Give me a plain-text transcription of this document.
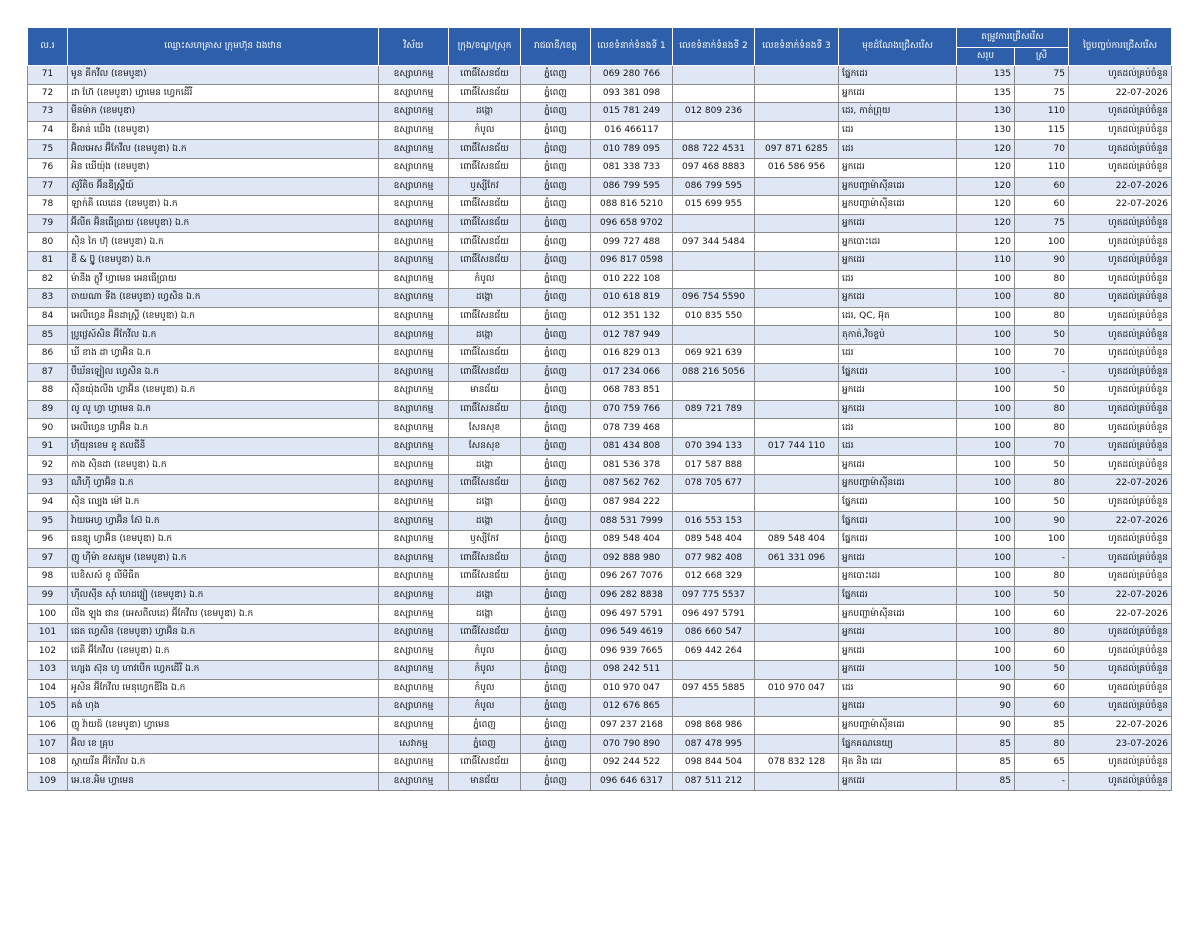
ល.រ	ឈ្មោះសហគ្រាស ក្រុមហ៊ុន ឯងឋាន	វិស័យ	ក្រុង/ខណ្ឌ/ស្រុក	រាជធានី/ខេត្ត	លេខទំនាក់ទំនងទី 1	លេខទំនាក់ទំនងទី 2	លេខទំនាក់ទំនងទី 3	មុខដំណែងជ្រើសរើស	តម្រូវការជ្រើសរើស		ថ្ងៃបញ្ចប់ការជ្រើសរើស
									សរុប	ស្រី	
71	មូន គីកវីល (ខេមបូឌា)	ឧស្សាហកម្ម	ពោធិ៍សែនជ័យ	ភ្នំពេញ	069 280 766			ផ្នែកដេរ	135	75	ហូតដល់គ្រប់ចំនួន
72	ដា ហ៊ែ (ខេមបូឌា) ហ្វាមេន ហ្វេកដើរី	ឧស្សាហកម្ម	ពោធិ៍សែនជ័យ	ភ្នំពេញ	093 381 098			អ្នកដេរ	135	75	22-07-2026
73	មីនម៉ាក (ខេមបូឌា)	ឧស្សាហកម្ម	ដង្កោ	ភ្នំពេញ	015 781 249	012 809 236		ដេរ, កាត់ព្រុយ	130	110	ហូតដល់គ្រប់ចំនួន
74	ឌីអាន់ ឃើង (ខេមបូឌា)	ឧស្សាហកម្ម	កំបូល	ភ្នំពេញ	016 466117			ដេរ	130	115	ហូតដល់គ្រប់ចំនួន
75	អ៊ិលអេស អ៊ីកែវីល (ខេមបូឌា) ឯ.ក	ឧស្សាហកម្ម	ពោធិ៍សែនជ័យ	ភ្នំពេញ	010 789 095	088 722 4531	097 871 6285	ដេរ	120	70	ហូតដល់គ្រប់ចំនួន
76	អិន ឃើយ៉ុង (ខេមបូឌា)	ឧស្សាហកម្ម	ពោធិ៍សែនជ័យ	ភ្នំពេញ	081 338 733	097 468 8883	016 586 956	អ្នកដេរ	120	110	ហូតដល់គ្រប់ចំនួន
77	ស៊ូរីតិច អ៊ីនឌីស្ត្រីយ៍	ឧស្សាហកម្ម	ឫស្សីកែវ	ភ្នំពេញ	086 799 595	086 799 595		អ្នកបញ្ជាម៉ាស៊ីនដេរ	120	60	22-07-2026
78	ឡាក់គី លេដេន (ខេមបូឌា) ឯ.ក	ឧស្សាហកម្ម	ពោធិ៍សែនជ័យ	ភ្នំពេញ	088 816 5210	015 699 955		អ្នកបញ្ជាម៉ាស៊ីនដេរ	120	60	22-07-2026
79	អ៊ីលីត អ៊ិនធើប្រាយ (ខេមបូឌា) ឯ.ក	ឧស្សាហកម្ម	ពោធិ៍សែនជ័យ	ភ្នំពេញ	096 658 9702			អ្នកដេរ	120	75	ហូតដល់គ្រប់ចំនួន
80	ស៊ិន កៃ ហ៊ុ (ខេមបូឌា) ឯ.ក	ឧស្សាហកម្ម	ពោធិ៍សែនជ័យ	ភ្នំពេញ	099 727 488	097 344 5484		អ្នកបោះដេរ	120	100	ហូតដល់គ្រប់ចំនួន
81	ឌី & ប្ល៊ូ (ខេមបូឌា) ឯ.ក	ឧស្សាហកម្ម	ពោធិ៍សែនជ័យ	ភ្នំពេញ	096 817 0598			អ្នកដេរ	110	90	ហូតដល់គ្រប់ចំនួន
82	ម៉ានីង ភ្លូវី ហ្វាមេន អេនធើប្រាយ	ឧស្សាហកម្ម	កំបូល	ភ្នំពេញ	010 222 108			ដេរ	100	80	ហូតដល់គ្រប់ចំនួន
83	ចាយណា ទីង (ខេមបូឌា) ហ្វេសិន ឯ.ក	ឧស្សាហកម្ម	ដង្កោ	ភ្នំពេញ	010 618 819	096 754 5590		អ្នកដេរ	100	80	ហូតដល់គ្រប់ចំនួន
84	អេលីហ្វេន អ៊ិនដាស្ត្រី (ខេមបូឌា) ឯ.ក	ឧស្សាហកម្ម	ពោធិ៍សែនជ័យ	ភ្នំពេញ	012 351 132	010 835 550		ដេរ, QC, អ៊ុត	100	80	ហូតដល់គ្រប់ចំនួន
85	ប្រូវ្រេស៍សិន អ៊ីកែវីល ឯ.ក	ឧស្សាហកម្ម	ដង្កោ	ភ្នំពេញ	012 787 949			តុកាត់,វិចខ្ចប់	100	50	ហូតដល់គ្រប់ចំនួន
86	ឃី ខាង ដា ហ្វាអ៊ិន ឯ.ក	ឧស្សាហកម្ម	ពោធិ៍សែនជ័យ	ភ្នំពេញ	016 829 013	069 921 639		ដេរ	100	70	ហូតដល់គ្រប់ចំនួន
87	បឺឃ័នឡៀល ហ្វេសិន ឯ.ក	ឧស្សាហកម្ម	ពោធិ៍សែនជ័យ	ភ្នំពេញ	017 234 066	088 216 5056		ផ្នែកដេរ	100	-	ហូតដល់គ្រប់ចំនួន
88	ស៊ីនយ៉ុងលីង ហ្វាអ៊ិន (ខេមបូឌា) ឯ.ក	ឧស្សាហកម្ម	មានជ័យ	ភ្នំពេញ	068 783 851			អ្នកដេរ	100	50	ហូតដល់គ្រប់ចំនួន
89	លូ លូ ហ្វា ហ្វាមេន ឯ.ក	ឧស្សាហកម្ម	ពោធិ៍សែនជ័យ	ភ្នំពេញ	070 759 766	089 721 789		អ្នកដេរ	100	80	ហូតដល់គ្រប់ចំនួន
90	អេលីហ្វេន ហ្វាអ៊ិន ឯ.ក	ឧស្សាហកម្ម	សែនសុខ	ភ្នំពេញ	078 739 468			ដេរ	100	80	ហូតដល់គ្រប់ចំនួន
91	ហ៊ីយុនខេម ខូ ឥលជីនី	ឧស្សាហកម្ម	សែនសុខ	ភ្នំពេញ	081 434 808	070 394 133	017 744 110	ដេរ	100	70	ហូតដល់គ្រប់ចំនួន
92	កាង ស៊ិនដា (ខេមបូឌា) ឯ.ក	ឧស្សាហកម្ម	ដង្កោ	ភ្នំពេញ	081 536 378	017 587 888		អ្នកដេរ	100	50	ហូតដល់គ្រប់ចំនួន
93	ណឺហ៊ី ហ្វាអ៊ិន ឯ.ក	ឧស្សាហកម្ម	ពោធិ៍សែនជ័យ	ភ្នំពេញ	087 562 762	078 705 677		អ្នកបញ្ជាម៉ាស៊ីនដេរ	100	80	22-07-2026
94	ស៊ិន ល្បេង ម៉ៅ ឯ.ក	ឧស្សាហកម្ម	ដង្កោ	ភ្នំពេញ	087 984 222			ផ្នែកដេរ	100	50	ហូតដល់គ្រប់ចំនួន
95	វ៉ាយអេហ្វ ហ្វាអ៊ិន ស៊ែ ឯ.ក	ឧស្សាហកម្ម	ដង្កោ	ភ្នំពេញ	088 531 7999	016 553 153		ផ្នែកដេរ	100	90	22-07-2026
96	ធនឌ្យូ ហ្វាអ៊ិន (ខេមបូឌា) ឯ.ក	ឧស្សាហកម្ម	ឫស្សីកែវ	ភ្នំពេញ	089 548 404	089 548 404	089 548 404	ផ្នែកដេរ	100	100	ហូតដល់គ្រប់ចំនួន
97	ញូ ហ៊ីម៉ា ខសត្យូម (ខេមបូឌា) ឯ.ក	ឧស្សាហកម្ម	ពោធិ៍សែនជ័យ	ភ្នំពេញ	092 888 980	077 982 408	061 331 096	អ្នកដេរ	100	-	ហូតដល់គ្រប់ចំនួន
98	បេខិសស៍ ខូ លីមីធីត	ឧស្សាហកម្ម	ពោធិ៍សែនជ័យ	ភ្នំពេញ	096 267 7076	012 668 329		អ្នកបោះដេរ	100	80	ហូតដល់គ្រប់ចំនួន
99	ហ៊ីលស៊ីន ស៊ាំ ហេដវ្យៀ (ខេមបូឌា) ឯ.ក	ឧស្សាហកម្ម	ដង្កោ	ភ្នំពេញ	096 282 8838	097 775 5537		ផ្នែកដេរ	100	50	22-07-2026
100	លីង ឡុង ជាន (អេសពីលដេ) អ៊ីកែវីល (ខេមបូឌា) ឯ.ក	ឧស្សាហកម្ម	ដង្កោ	ភ្នំពេញ	096 497 5791	096 497 5791		អ្នកបញ្ជាម៉ាស៊ីនដេរ	100	60	22-07-2026
101	ជេត ហ្វេសិន (ខេមបូឌា) ហ្វាអ៊ិន ឯ.ក	ឧស្សាហកម្ម	ពោធិ៍សែនជ័យ	ភ្នំពេញ	096 549 4619	086 660 547		អ្នកដេរ	100	80	ហូតដល់គ្រប់ចំនួន
102	ជេគី អ៊ីកែវីល (ខេមបូឌា) ឯ.ក	ឧស្សាហកម្ម	កំបូល	ភ្នំពេញ	096 939 7665	069 442 264		អ្នកដេរ	100	60	ហូតដល់គ្រប់ចំនួន
103	ហ្សេង ស៊ុន ហូ ហាវបើក ហ្វេកដើរី ឯ.ក	ឧស្សាហកម្ម	កំបូល	ភ្នំពេញ	098 242 511			អ្នកដេរ	100	50	ហូតដល់គ្រប់ចំនួន
104	អូសិន អ៊ីកែវីល មេនុហ្វេកឌឺរិង ឯ.ក	ឧស្សាហកម្ម	កំបូល	ភ្នំពេញ	010 970 047	097 455 5885	010 970 047	ដេរ	90	60	ហូតដល់គ្រប់ចំនួន
105	គង់ ហុង	ឧស្សាហកម្ម	កំបូល	ភ្នំពេញ	012 676 865			អ្នកដេរ	90	60	ហូតដល់គ្រប់ចំនួន
106	ញូ វ៉ាយជ៍ (ខេមបូឌា) ហ្វាមេន	ឧស្សាហកម្ម	ភ្នំពេញ	ភ្នំពេញ	097 237 2168	098 868 986		អ្នកបញ្ជាម៉ាស៊ីនដេរ	90	85	22-07-2026
107	អ៊ិល ខេ គ្រុប	សេវាកម្ម	ភ្នំពេញ	ភ្នំពេញ	070 790 890	087 478 995		ផ្នែកគណនេយ្យ	85	80	23-07-2026
108	ស្កាយរីន អ៊ីកែវីល ឯ.ក	ឧស្សាហកម្ម	ពោធិ៍សែនជ័យ	ភ្នំពេញ	092 244 522	098 844 504	078 832 128	អ៊ុត និង ដេរ	85	65	ហូតដល់គ្រប់ចំនួន
109	អេ.ខេ.អិម ហ្វាមេន	ឧស្សាហកម្ម	មានជ័យ	ភ្នំពេញ	096 646 6317	087 511 212		អ្នកដេរ	85	-	ហូតដល់គ្រប់ចំនួន
